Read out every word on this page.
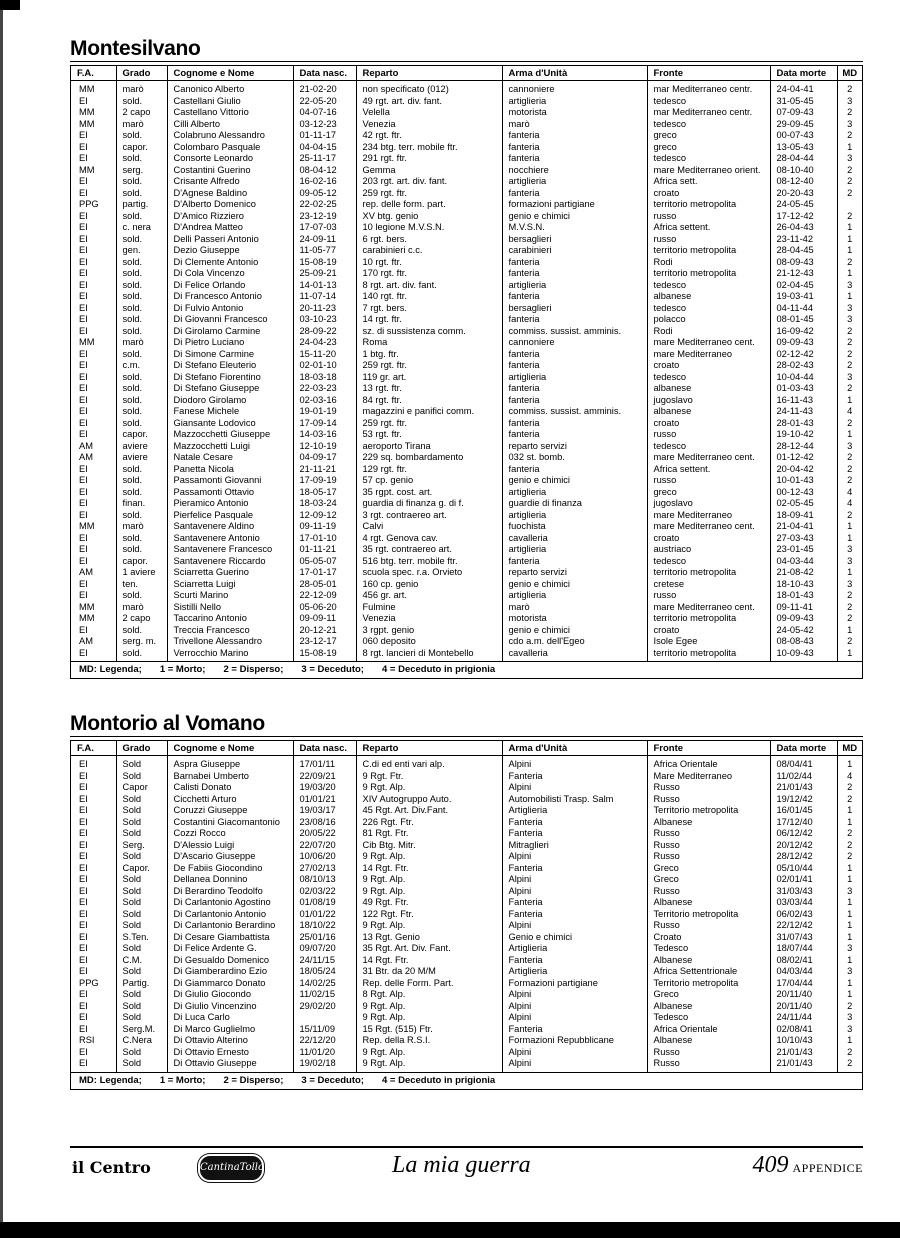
Montesilvano
F.A.	Grado	Cognome e Nome	Data nasc.	Reparto	Arma d'Unità	Fronte	Data morte	MD
MM	marò	Canonico Alberto	21-02-20	non specificato (012)	cannoniere	mar Mediterraneo centr.	24-04-41	2
EI	sold.	Castellani Giulio	22-05-20	49 rgt. art. div. fant.	artiglieria	tedesco	31-05-45	3
MM	2 capo	Castellano Vittorio	04-07-16	Velella	motorista	mar Mediterraneo centr.	07-09-43	2
MM	marò	Cilli Alberto	03-12-23	Venezia	marò	tedesco	29-09-45	3
EI	sold.	Colabruno Alessandro	01-11-17	42 rgt. ftr.	fanteria	greco	00-07-43	2
EI	capor.	Colombaro Pasquale	04-04-15	234 btg. terr. mobile ftr.	fanteria	greco	13-05-43	1
EI	sold.	Consorte Leonardo	25-11-17	291 rgt. ftr.	fanteria	tedesco	28-04-44	3
MM	serg.	Costantini Guerino	08-04-12	Gemma	nocchiere	mare Mediterraneo orient.	08-10-40	2
EI	sold.	Crisante Alfredo	16-02-16	203 rgt. art. div. fant.	artiglieria	Africa sett.	08-12-40	2
EI	sold.	D'Agnese Baldino	09-05-12	259 rgt. ftr.	fanteria	croato	20-20-43	2
PPG	partig.	D'Alberto Domenico	22-02-25	rep. delle form. part.	formazioni partigiane	territorio metropolita	24-05-45	
EI	sold.	D'Amico Rizziero	23-12-19	XV btg. genio	genio e chimici	russo	17-12-42	2
EI	c. nera	D'Andrea Matteo	17-07-03	10 legione M.V.S.N.	M.V.S.N.	Africa settent.	26-04-43	1
EI	sold.	Delli Passeri Antonio	24-09-11	6 rgt. bers.	bersaglieri	russo	23-11-42	1
EI	gen.	Dezio Giuseppe	11-05-77	carabinieri c.c.	carabinieri	territorio metropolita	28-04-45	1
EI	sold.	Di Clemente Antonio	15-08-19	10 rgt. ftr.	fanteria	Rodi	08-09-43	2
EI	sold.	Di Cola Vincenzo	25-09-21	170 rgt. ftr.	fanteria	territorio metropolita	21-12-43	1
EI	sold.	Di Felice Orlando	14-01-13	8 rgt. art. div. fant.	artiglieria	tedesco	02-04-45	3
EI	sold.	Di Francesco Antonio	11-07-14	140 rgt. ftr.	fanteria	albanese	19-03-41	1
EI	sold.	Di Fulvio Antonio	20-11-23	7 rgt. bers.	bersaglieri	tedesco	04-11-44	3
EI	sold.	Di Giovanni Francesco	03-10-23	14 rgt. ftr.	fanteria	polacco	08-01-45	3
EI	sold.	Di Girolamo Carmine	28-09-22	sz. di sussistenza comm.	commiss. sussist. amminis.	Rodi	16-09-42	2
MM	marò	Di Pietro Luciano	24-04-23	Roma	cannoniere	mare Mediterraneo cent.	09-09-43	2
EI	sold.	Di Simone Carmine	15-11-20	1 btg. ftr.	fanteria	mare Mediterraneo	02-12-42	2
EI	c.m.	Di Stefano Eleuterio	02-01-10	259 rgt. ftr.	fanteria	croato	28-02-43	2
EI	sold.	Di Stefano Fiorentino	18-03-18	119 gr. art.	artiglieria	tedesco	10-04-44	3
EI	sold.	Di Stefano Giuseppe	22-03-23	13 rgt. ftr.	fanteria	albanese	01-03-43	2
EI	sold.	Diodoro Girolamo	02-03-16	84 rgt. ftr.	fanteria	jugoslavo	16-11-43	1
EI	sold.	Fanese Michele	19-01-19	magazzini e panifici comm.	commiss. sussist. amminis.	albanese	24-11-43	4
EI	sold.	Giansante Lodovico	17-09-14	259 rgt. ftr.	fanteria	croato	28-01-43	2
EI	capor.	Mazzocchetti Giuseppe	14-03-16	53 rgt. ftr.	fanteria	russo	19-10-42	1
AM	aviere	Mazzocchetti Luigi	12-10-19	aeroporto Tirana	reparto servizi	tedesco	28-12-44	3
AM	aviere	Natale Cesare	04-09-17	229 sq. bombardamento	032 st. bomb.	mare Mediterraneo cent.	01-12-42	2
EI	sold.	Panetta Nicola	21-11-21	129 rgt. ftr.	fanteria	Africa settent.	20-04-42	2
EI	sold.	Passamonti Giovanni	17-09-19	57 cp. genio	genio e chimici	russo	10-01-43	2
EI	sold.	Passamonti Ottavio	18-05-17	35 rgpt. cost. art.	artiglieria	greco	00-12-43	4
EI	finan.	Pieramico Antonio	18-03-24	guardia di finanza g. di f.	guardie di finanza	jugoslavo	02-05-45	4
EI	sold.	Pierfelice Pasquale	12-09-12	3 rgt. contraereo art.	artiglieria	mare Mediterraneo	18-09-41	2
MM	marò	Santavenere Aldino	09-11-19	Calvi	fuochista	mare Mediterraneo cent.	21-04-41	1
EI	sold.	Santavenere Antonio	17-01-10	4 rgt. Genova cav.	cavalleria	croato	27-03-43	1
EI	sold.	Santavenere Francesco	01-11-21	35 rgt. contraereo art.	artiglieria	austriaco	23-01-45	3
EI	capor.	Santavenere Riccardo	05-05-07	516 btg. terr. mobile ftr.	fanteria	tedesco	04-03-44	3
AM	1 aviere	Sciarretta Guerino	17-01-17	scuola spec. r.a. Orvieto	reparto servizi	territorio metropolita	21-08-42	1
EI	ten.	Sciarretta Luigi	28-05-01	160 cp. genio	genio e chimici	cretese	18-10-43	3
EI	sold.	Scurti Marino	22-12-09	456 gr. art.	artiglieria	russo	18-01-43	2
MM	marò	Sistilli Nello	05-06-20	Fulmine	marò	mare Mediterraneo cent.	09-11-41	2
MM	2 capo	Taccarino Antonio	09-09-11	Venezia	motorista	territorio metropolita	09-09-43	2
EI	sold.	Treccia Francesco	20-12-21	3 rgpt. genio	genio e chimici	croato	24-05-42	1
AM	serg. m.	Trivellone Alessandro	23-12-17	060 deposito	cdo a.m. dell'Egeo	Isole Egee	08-08-43	2
EI	sold.	Verrocchio Marino	15-08-19	8 rgt. lancieri di Montebello	cavalleria	territorio metropolita	10-09-43	1
MD: Legenda; 1 = Morto; 2 = Disperso; 3 = Deceduto; 4 = Deceduto in prigionia
Montorio al Vomano
F.A.	Grado	Cognome e Nome	Data nasc.	Reparto	Arma d'Unità	Fronte	Data morte	MD
EI	Sold	Aspra Giuseppe	17/01/11	C.di ed enti vari alp.	Alpini	Africa Orientale	08/04/41	1
EI	Sold	Barnabei Umberto	22/09/21	9 Rgt. Ftr.	Fanteria	Mare Mediterraneo	11/02/44	4
EI	Capor	Calisti Donato	19/03/20	9 Rgt. Alp.	Alpini	Russo	21/01/43	2
EI	Sold	Cicchetti Arturo	01/01/21	XIV Autogruppo Auto.	Automobilisti Trasp. Salm	Russo	19/12/42	2
EI	Sold	Coruzzi Giuseppe	19/03/17	45 Rgt. Art. Div.Fant.	Artiglieria	Territorio metropolita	16/01/45	1
EI	Sold	Costantini Giacomantonio	23/08/16	226 Rgt. Ftr.	Fanteria	Albanese	17/12/40	1
EI	Sold	Cozzi Rocco	20/05/22	81 Rgt. Ftr.	Fanteria	Russo	06/12/42	2
EI	Serg.	D'Alessio Luigi	22/07/20	Cib Btg. Mitr.	Mitraglieri	Russo	20/12/42	2
EI	Sold	D'Ascario Giuseppe	10/06/20	9 Rgt. Alp.	Alpini	Russo	28/12/42	2
EI	Capor.	De Fabiis Giocondino	27/02/13	14 Rgt. Ftr.	Fanteria	Greco	05/10/44	1
EI	Sold	Dellanea Donnino	08/10/13	9 Rgt. Alp.	Alpini	Greco	02/01/41	1
EI	Sold	Di Berardino Teodolfo	02/03/22	9 Rgt. Alp.	Alpini	Russo	31/03/43	3
EI	Sold	Di Carlantonio Agostino	01/08/19	49 Rgt. Ftr.	Fanteria	Albanese	03/03/44	1
EI	Sold	Di Carlantonio Antonio	01/01/22	122 Rgt. Ftr.	Fanteria	Territorio metropolita	06/02/43	1
EI	Sold	Di Carlantonio Berardino	18/10/22	9 Rgt. Alp.	Alpini	Russo	22/12/42	1
EI	S.Ten.	Di Cesare Giambattista	25/01/16	13 Rgt. Genio	Genio e chimici	Croato	31/07/43	1
EI	Sold	Di Felice Ardente G.	09/07/20	35 Rgt. Art. Div. Fant.	Artiglieria	Tedesco	18/07/44	3
EI	C.M.	Di Gesualdo Domenico	24/11/15	14 Rgt. Ftr.	Fanteria	Albanese	08/02/41	1
EI	Sold	Di Giamberardino Ezio	18/05/24	31 Btr. da 20 M/M	Artiglieria	Africa Settentrionale	04/03/44	3
PPG	Partig.	Di Giammarco Donato	14/02/25	Rep. delle Form. Part.	Formazioni partigiane	Territorio metropolita	17/04/44	1
EI	Sold	Di Giulio Giocondo	11/02/15	8 Rgt. Alp.	Alpini	Greco	20/11/40	1
EI	Sold	Di Giulio Vincenzino	29/02/20	9 Rgt. Alp.	Alpini	Albanese	20/11/40	2
EI	Sold	Di Luca Carlo		9 Rgt. Alp.	Alpini	Tedesco	24/11/44	3
EI	Serg.M.	Di Marco Guglielmo	15/11/09	15 Rgt. (515) Ftr.	Fanteria	Africa Orientale	02/08/41	3
RSI	C.Nera	Di Ottavio Alterino	22/12/20	Rep. della R.S.I.	Formazioni Repubblicane	Albanese	10/10/43	1
EI	Sold	Di Ottavio Ernesto	11/01/20	9 Rgt. Alp.	Alpini	Russo	21/01/43	2
EI	Sold	Di Ottavio Giuseppe	19/02/18	9 Rgt. Alp.	Alpini	Russo	21/01/43	2
MD: Legenda; 1 = Morto; 2 = Disperso; 3 = Deceduto; 4 = Deceduto in prigionia
il Centro	CantinaTollo	La mia guerra	409 APPENDICE
